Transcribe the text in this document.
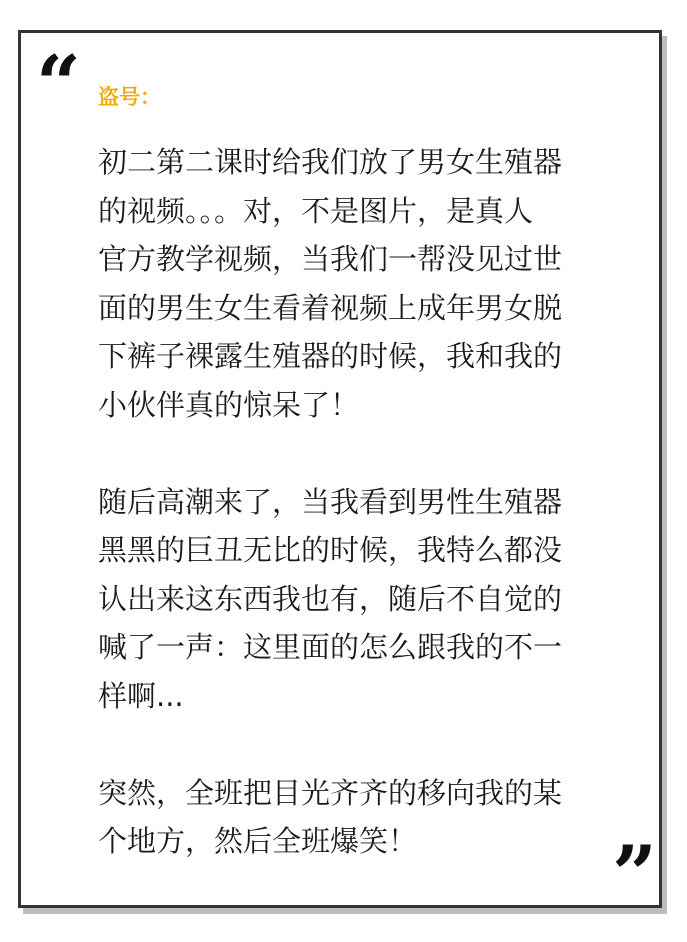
“ 盗号：

初二第二课时给我们放了男女生殖器
的视频。。。对，不是图片，是真人
官方教学视频，当我们一帮没见过世
面的男生女生看着视频上成年男女脱
下裤子裸露生殖器的时候，我和我的
小伙伴真的惊呆了！

随后高潮来了，当我看到男性生殖器
黑黑的巨丑无比的时候，我特么都没
认出来这东西我也有，随后不自觉的
喊了一声：这里面的怎么跟我的不一
样啊...

突然，全班把目光齐齐的移向我的某
个地方，然后全班爆笑！	”
